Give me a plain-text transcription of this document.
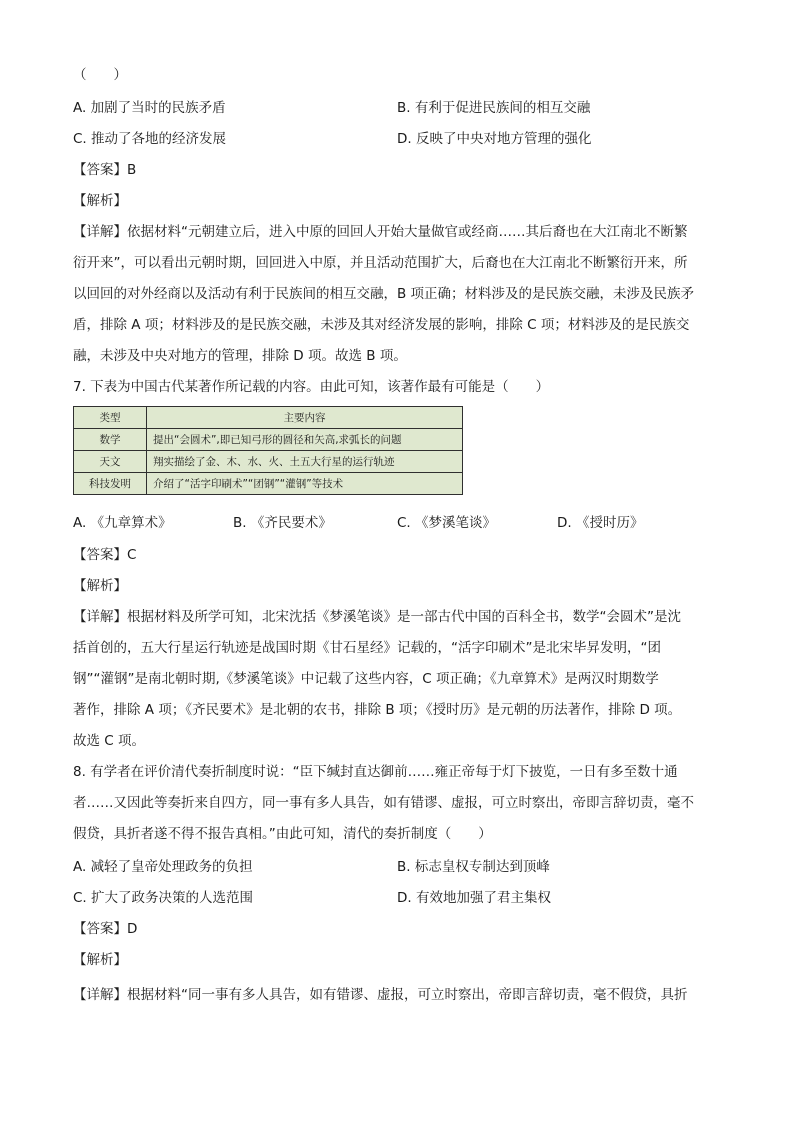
（　　）
A. 加剧了当时的民族矛盾	B. 有利于促进民族间的相互交融
C. 推动了各地的经济发展	D. 反映了中央对地方管理的强化
【答案】B
【解析】
【详解】依据材料“元朝建立后，进入中原的回回人开始大量做官或经商……其后裔也在大江南北不断繁
衍开来”，可以看出元朝时期，回回进入中原，并且活动范围扩大，后裔也在大江南北不断繁衍开来，所
以回回的对外经商以及活动有利于民族间的相互交融，B 项正确；材料涉及的是民族交融，未涉及民族矛
盾，排除 A 项；材料涉及的是民族交融，未涉及其对经济发展的影响，排除 C 项；材料涉及的是民族交
融，未涉及中央对地方的管理，排除 D 项。故选 B 项。
7. 下表为中国古代某著作所记载的内容。由此可知，该著作最有可能是（　　）
类型	主要内容
数学	提出“会圆术”,即已知弓形的圆径和矢高,求弧长的问题
天文	翔实描绘了金、木、水、火、土五大行星的运行轨迹
科技发明	介绍了“活字印刷术”“团钢”“灌钢”等技术
A. 《九章算术》	B. 《齐民要术》	C. 《梦溪笔谈》	D. 《授时历》
【答案】C
【解析】
【详解】根据材料及所学可知，北宋沈括《梦溪笔谈》是一部古代中国的百科全书，数学“会圆术”是沈
括首创的，五大行星运行轨迹是战国时期《甘石星经》记载的，“活字印刷术”是北宋毕昇发明，“团
钢”“灌钢”是南北朝时期,《梦溪笔谈》中记载了这些内容，C 项正确；《九章算术》是两汉时期数学
著作，排除 A 项；《齐民要术》是北朝的农书，排除 B 项；《授时历》是元朝的历法著作，排除 D 项。
故选 C 项。
8. 有学者在评价清代奏折制度时说：“臣下缄封直达御前……雍正帝每于灯下披览，一日有多至数十通
者……又因此等奏折来自四方，同一事有多人具告，如有错谬、虚报，可立时察出，帝即言辞切责，毫不
假贷，具折者遂不得不报告真相。”由此可知，清代的奏折制度（　　）
A. 减轻了皇帝处理政务的负担	B. 标志皇权专制达到顶峰
C. 扩大了政务决策的人选范围	D. 有效地加强了君主集权
【答案】D
【解析】
【详解】根据材料“同一事有多人具告，如有错谬、虚报，可立时察出，帝即言辞切责，毫不假贷，具折
